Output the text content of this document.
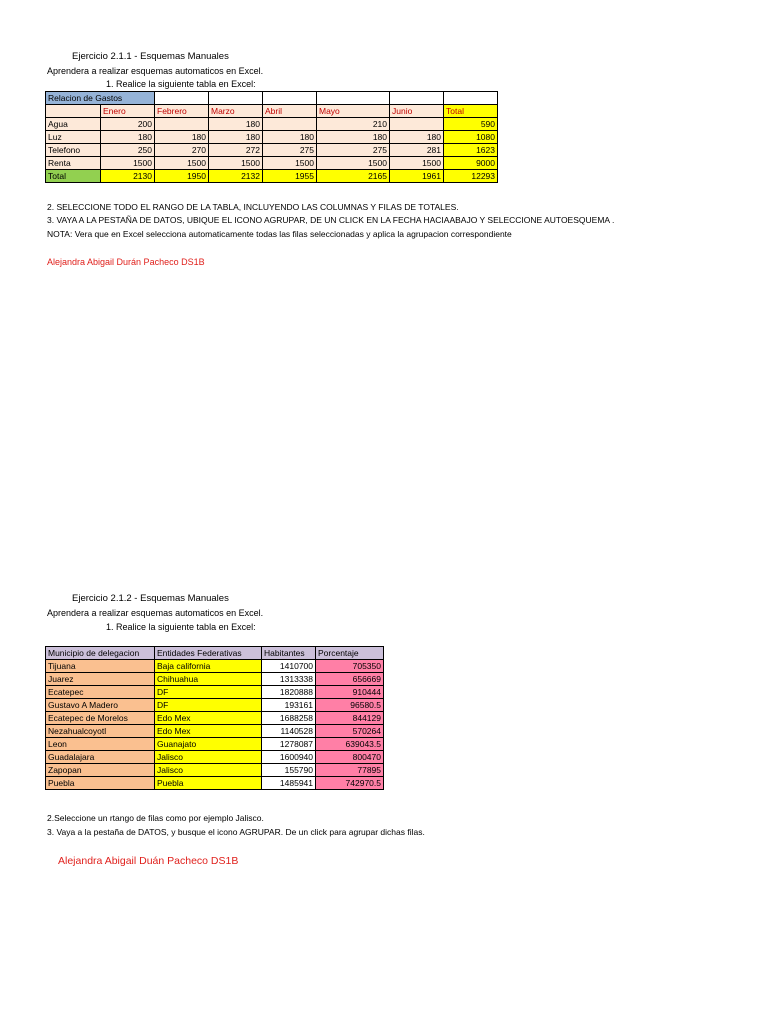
Ejercicio 2.1.1 - Esquemas Manuales
Aprendera a realizar esquemas automaticos en Excel.
1. Realice la siguiente tabla en Excel:
Relacion de Gastos							
	Enero	Febrero	Marzo	Abril	Mayo	Junio	Total
Agua	200		180		210		590
Luz	180	180	180	180	180	180	1080
Telefono	250	270	272	275	275	281	1623
Renta	1500	1500	1500	1500	1500	1500	9000
Total	2130	1950	2132	1955	2165	1961	12293
2. SELECCIONE TODO EL RANGO DE LA TABLA, INCLUYENDO LAS COLUMNAS Y FILAS DE TOTALES.
3. VAYA A LA PESTAÑA DE DATOS, UBIQUE EL ICONO AGRUPAR, DE UN CLICK EN LA FECHA HACIAABAJO Y SELECCIONE AUTOESQUEMA .
NOTA: Vera que en Excel selecciona automaticamente todas las filas seleccionadas y aplica la agrupacion correspondiente
Alejandra Abigail Durán Pacheco DS1B
Ejercicio 2.1.2 - Esquemas Manuales
Aprendera a realizar esquemas automaticos en Excel.
1. Realice la siguiente tabla en Excel:
Municipio de delegacion	Entidades Federativas	Habitantes	Porcentaje
Tijuana	Baja california	1410700	705350
Juarez	Chihuahua	1313338	656669
Ecatepec	DF	1820888	910444
Gustavo A Madero	DF	193161	96580.5
Ecatepec de Morelos	Edo Mex	1688258	844129
Nezahualcoyotl	Edo Mex	1140528	570264
Leon	Guanajato	1278087	639043.5
Guadalajara	Jalisco	1600940	800470
Zapopan	Jalisco	155790	77895
Puebla	Puebla	1485941	742970.5
2.Seleccione un rtango de filas como por ejemplo Jalisco.
3. Vaya a la pestaña de DATOS, y busque el icono AGRUPAR. De un click para agrupar dichas filas.
Alejandra Abigail Duán Pacheco DS1B
